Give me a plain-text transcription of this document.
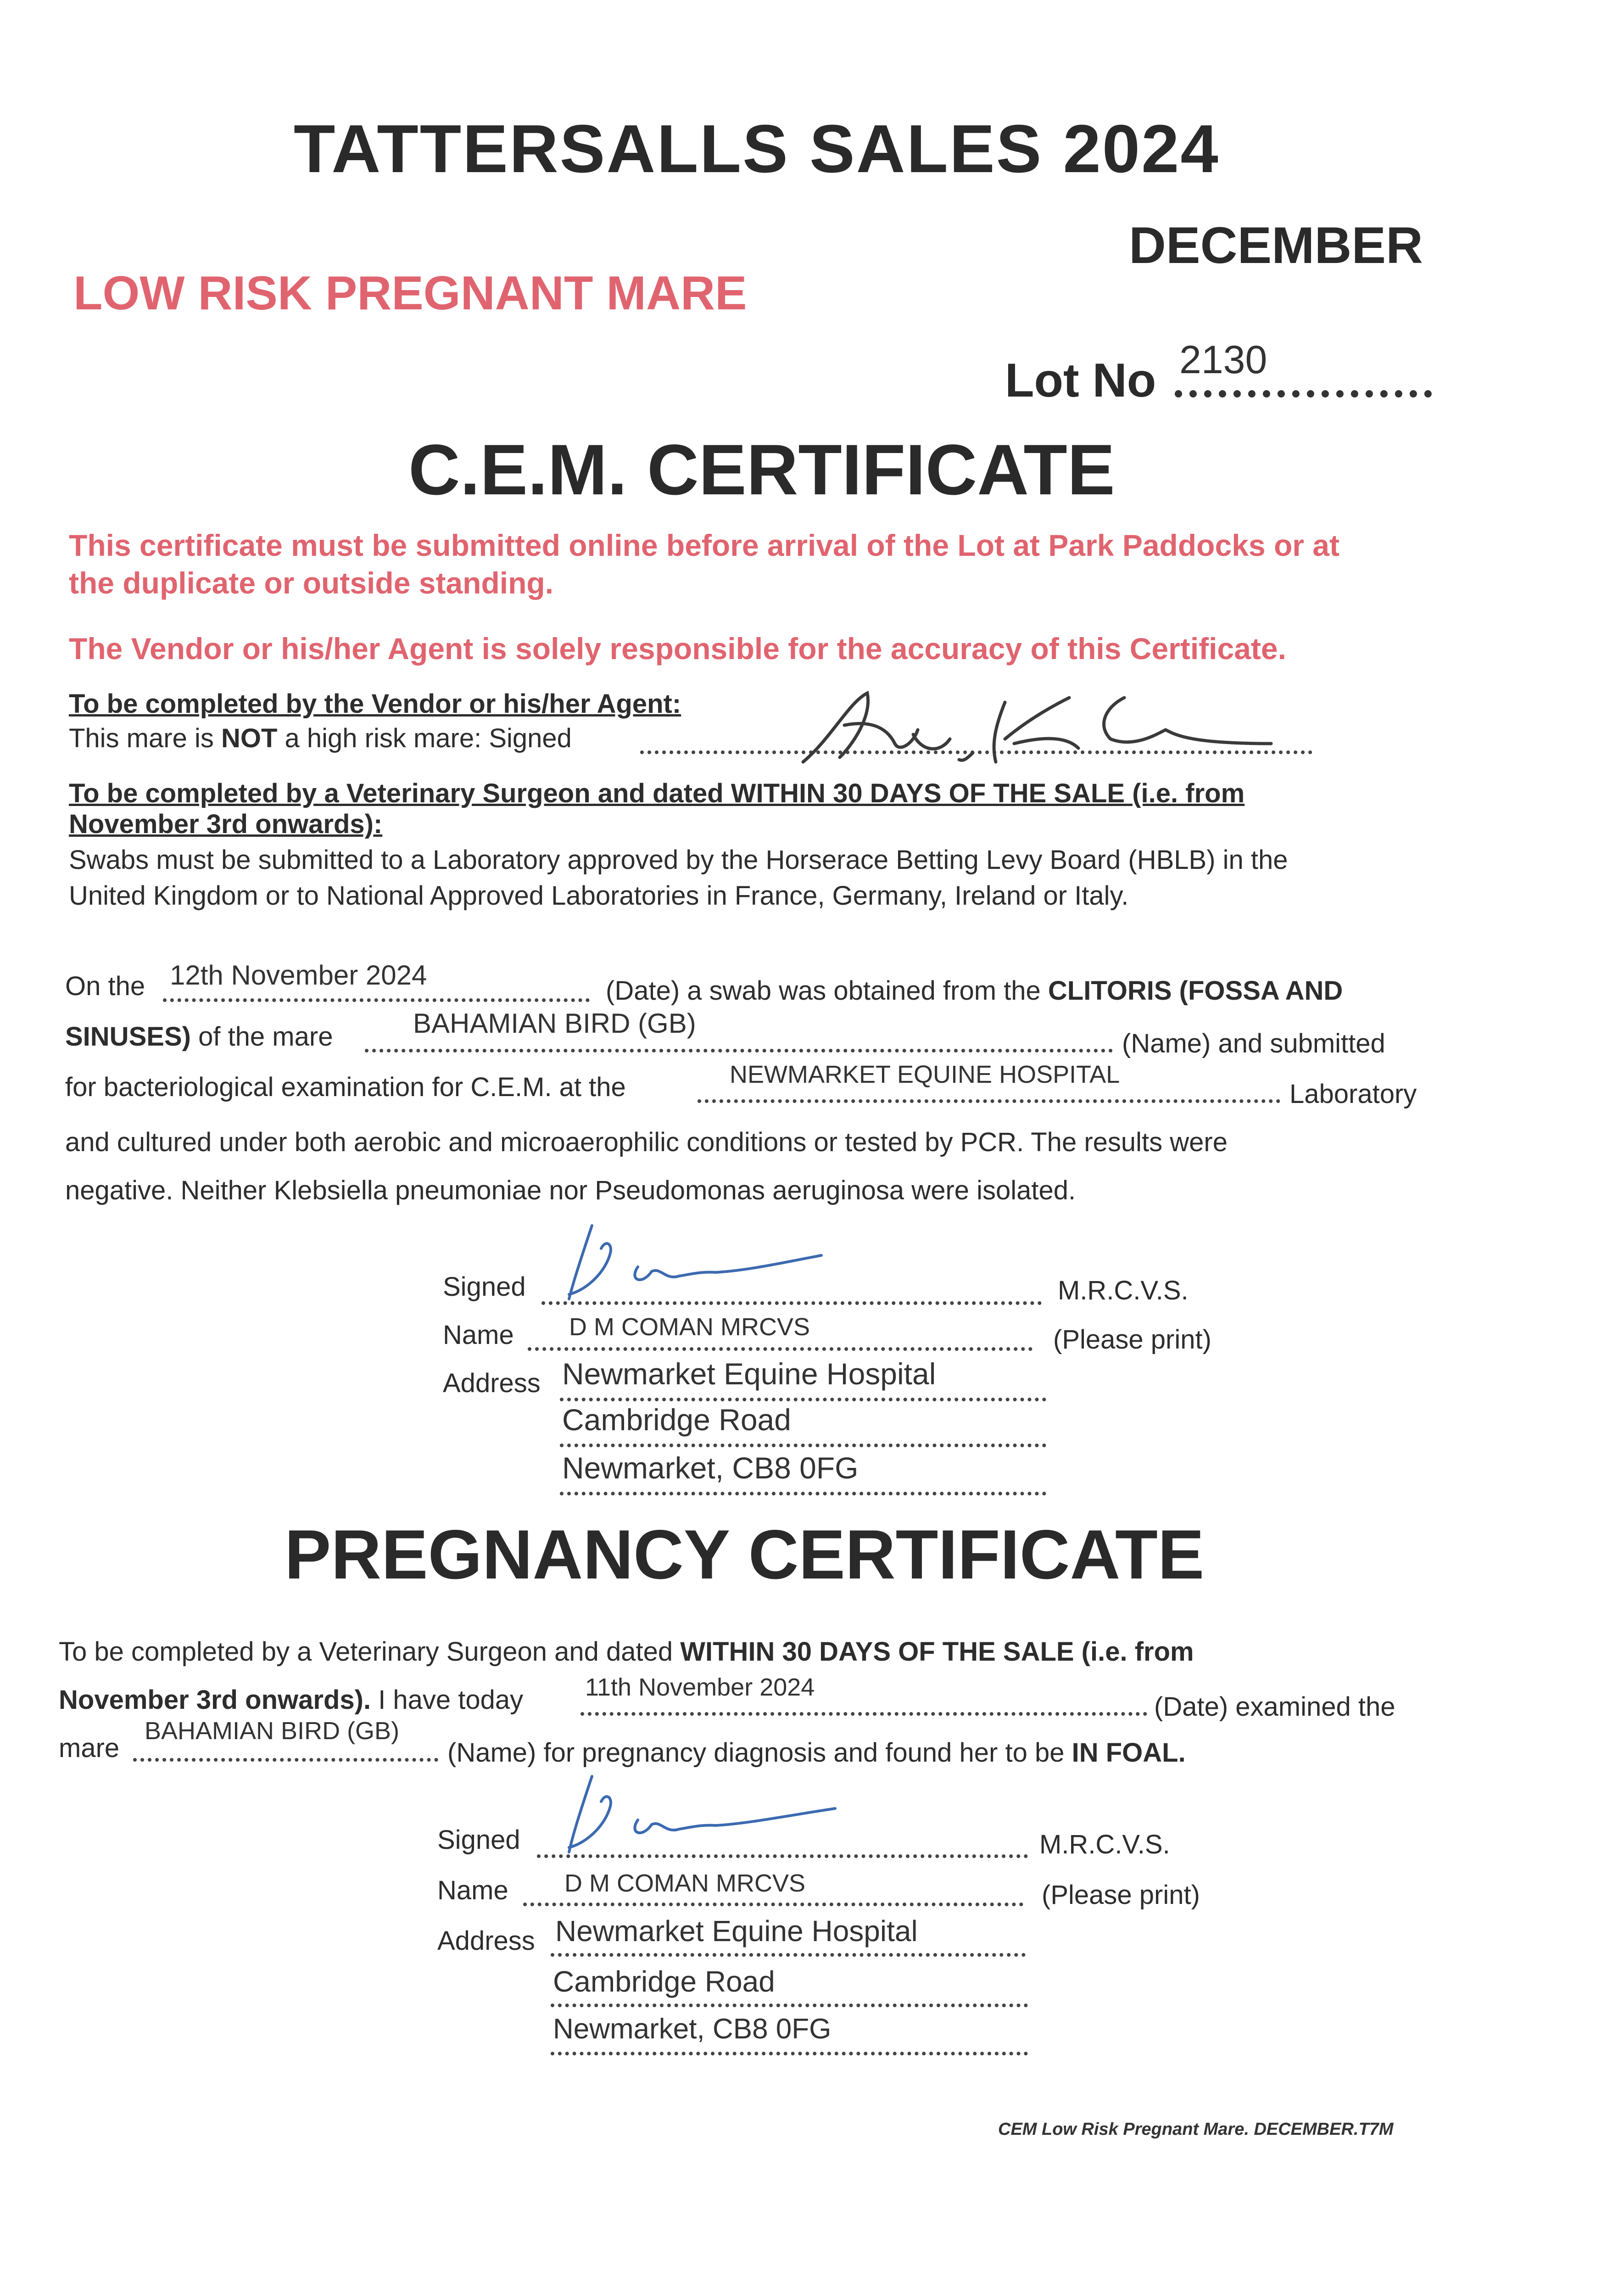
TATTERSALLS SALES 2024
DECEMBER
LOW RISK PREGNANT MARE
Lot No 2130
C.E.M. CERTIFICATE
This certificate must be submitted online before arrival of the Lot at Park Paddocks or at
the duplicate or outside standing.
The Vendor or his/her Agent is solely responsible for the accuracy of this Certificate.
To be completed by the Vendor or his/her Agent:
This mare is NOT a high risk mare: Signed
To be completed by a Veterinary Surgeon and dated WITHIN 30 DAYS OF THE SALE (i.e. from
November 3rd onwards):
Swabs must be submitted to a Laboratory approved by the Horserace Betting Levy Board (HBLB) in the
United Kingdom or to National Approved Laboratories in France, Germany, Ireland or Italy.
On the 12th November 2024
(Date) a swab was obtained from the CLITORIS (FOSSA AND
SINUSES) of the mare	BAHAMIAN BIRD (GB)
(Name) and submitted
for bacteriological examination for C.E.M. at the	NEWMARKET EQUINE HOSPITAL
Laboratory
and cultured under both aerobic and microaerophilic conditions or tested by PCR. The results were
negative. Neither Klebsiella pneumoniae nor Pseudomonas aeruginosa were isolated.
Signed	M.R.C.V.S.
Name D M COMAN MRCVS	(Please print)
Address Newmarket Equine Hospital
Cambridge Road
Newmarket, CB8 0FG
PREGNANCY CERTIFICATE
To be completed by a Veterinary Surgeon and dated WITHIN 30 DAYS OF THE SALE (i.e. from
November 3rd onwards). I have today 11th November 2024
(Date) examined the
mare
BAHAMIAN BIRD (GB)
(Name) for pregnancy diagnosis and found her to be IN FOAL.
Signed	M.R.C.V.S.
Name D M COMAN MRCVS	(Please print)
Address Newmarket Equine Hospital
Cambridge Road
Newmarket, CB8 0FG
CEM Low Risk Pregnant Mare. DECEMBER.T7M
